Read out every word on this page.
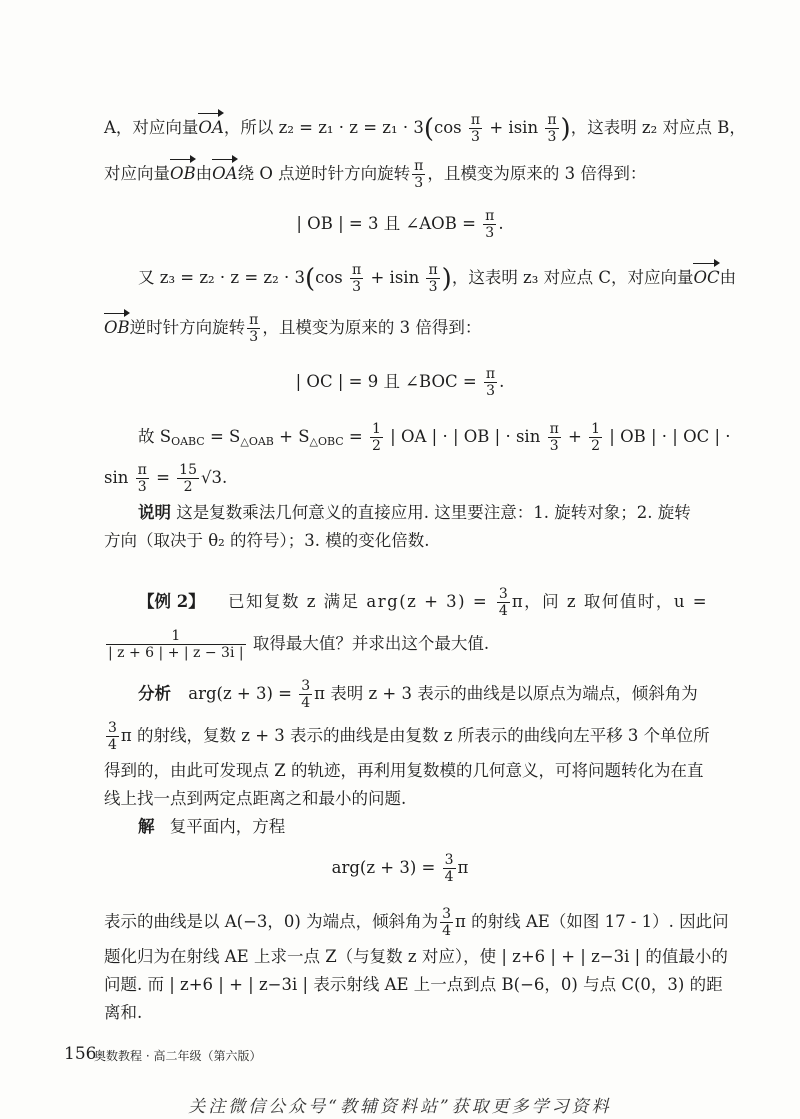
A，对应向量OA，所以 $z_2 = z_1 \cdot z = z_1 \cdot 3(\cos \frac{\pi}{3} + isin \frac{\pi}{3}$ )，这表明 z₂ 对应点 B，
对应向量OB由OA绕 O 点逆时针方向旋转 $\frac{\pi}{3}$ ，且模变为原来的 3 倍得到：
| OB | = 3 且 ∠AOB = $\frac{\pi}{3}$ .
又 $z_3 = z_2 \cdot z = z_2 \cdot 3(\cos \frac{\pi}{3} + isin \frac{\pi}{3}$ )，这表明 z₃ 对应点 C，对应向量OC由
OB逆时针方向旋转 $\frac{\pi}{3}$ ，且模变为原来的 3 倍得到：
| OC | = 9 且 ∠BOC = $\frac{\pi}{3}$ .
故 $S_{OABC} = S_{\triangle OAB} + S_{\triangle OBC} = \frac{1}{2}$ | OA | · | OB | · $\sin \frac{\pi}{3} + \frac{1}{2}$ | OB | · | OC | ·
$\sin \frac{\pi}{3} = \frac{15}{2} √3$.
说明 这是复数乘法几何意义的直接应用. 这里要注意：1. 旋转对象；2. 旋转
方向（取决于 θ₂ 的符号）；3. 模的变化倍数.
【例 2】 已知复数 z 满足 $arg(z + 3) = \frac{3}{4}$ π，问 z 取何值时，u =
$\frac{1}{| z + 6 | + | z - 3i |}$ 取得最大值？并求出这个最大值.
分析 $arg(z + 3) = \frac{3}{4}$ π 表明 z + 3 表示的曲线是以原点为端点，倾斜角为
$\frac{3}{4}$ π 的射线，复数 z + 3 表示的曲线是由复数 z 所表示的曲线向左平移 3 个单位所
得到的，由此可发现点 Z 的轨迹，再利用复数模的几何意义，可将问题转化为在直
线上找一点到两定点距离之和最小的问题.
解 复平面内，方程
$arg(z + 3) = \frac{3}{4}$ π
表示的曲线是以 A(−3，0) 为端点，倾斜角为 $\frac{3}{4}$ π 的射线 AE（如图 17 - 1）. 因此问
题化归为在射线 AE 上求一点 Z（与复数 z 对应），使 | z+6 | + | z−3i | 的值最小的
问题. 而 | z+6 | + | z−3i | 表示射线 AE 上一点到点 B(−6，0) 与点 C(0，3) 的距
离和.
156
奥数教程 · 高二年级（第六版）
关注微信公众号“教辅资料站”获取更多学习资料
